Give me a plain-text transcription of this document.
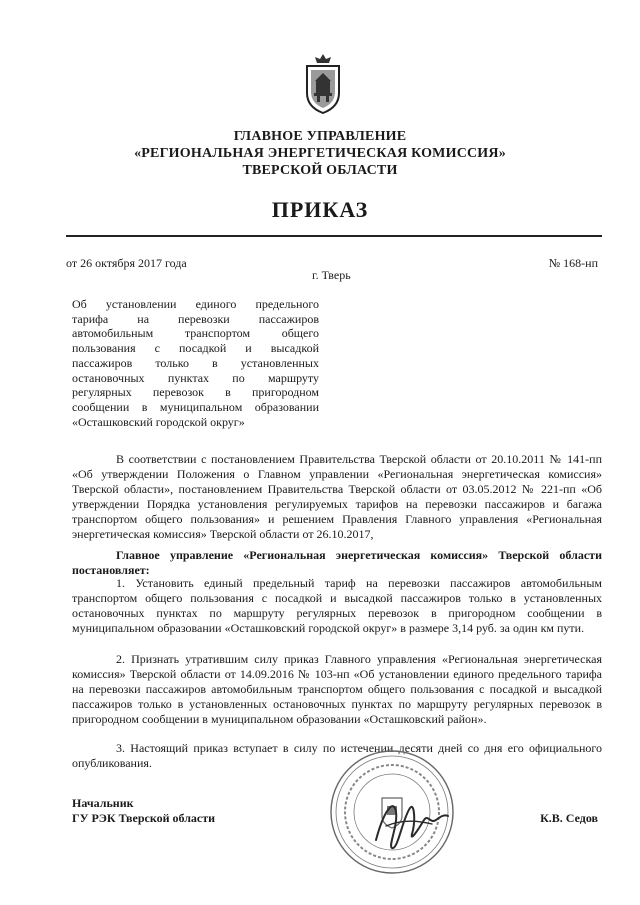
ГЛАВНОЕ УПРАВЛЕНИЕ
«РЕГИОНАЛЬНАЯ ЭНЕРГЕТИЧЕСКАЯ КОМИССИЯ»
ТВЕРСКОЙ ОБЛАСТИ
ПРИКАЗ
от 26 октября 2017 года	№ 168-нп
г. Тверь
Об установлении единого предельного
тарифа на перевозки пассажиров
автомобильным транспортом общего
пользования с посадкой и высадкой
пассажиров только в установленных
остановочных пунктах по маршруту
регулярных перевозок в пригородном
сообщении в муниципальном образовании
«Осташковский городской округ»
В соответствии с постановлением Правительства Тверской области от 20.10.2011 № 141-пп «Об утверждении Положения о Главном управлении «Региональная энергетическая комиссия» Тверской области», постановлением Правительства Тверской области от 03.05.2012 № 221-пп «Об утверждении Порядка установления регулируемых тарифов на перевозки пассажиров и багажа транспортом общего пользования» и решением Правления Главного управления «Региональная энергетическая комиссия» Тверской области от 26.10.2017,
Главное управление «Региональная энергетическая комиссия» Тверской области постановляет:
1. Установить единый предельный тариф на перевозки пассажиров автомобильным транспортом общего пользования с посадкой и высадкой пассажиров только в установленных остановочных пунктах по маршруту регулярных перевозок в пригородном сообщении в муниципальном образовании «Осташковский городской округ» в размере 3,14 руб. за один км пути.
2. Признать утратившим силу приказ Главного управления «Региональная энергетическая комиссия» Тверской области от 14.09.2016 № 103-нп «Об установлении единого предельного тарифа на перевозки пассажиров автомобильным транспортом общего пользования с посадкой и высадкой пассажиров только в установленных остановочных пунктах по маршруту регулярных перевозок в пригородном сообщении в муниципальном образовании «Осташковский район».
3. Настоящий приказ вступает в силу по истечении десяти дней со дня его официального опубликования.
Начальник
ГУ РЭК Тверской области	К.В. Седов
